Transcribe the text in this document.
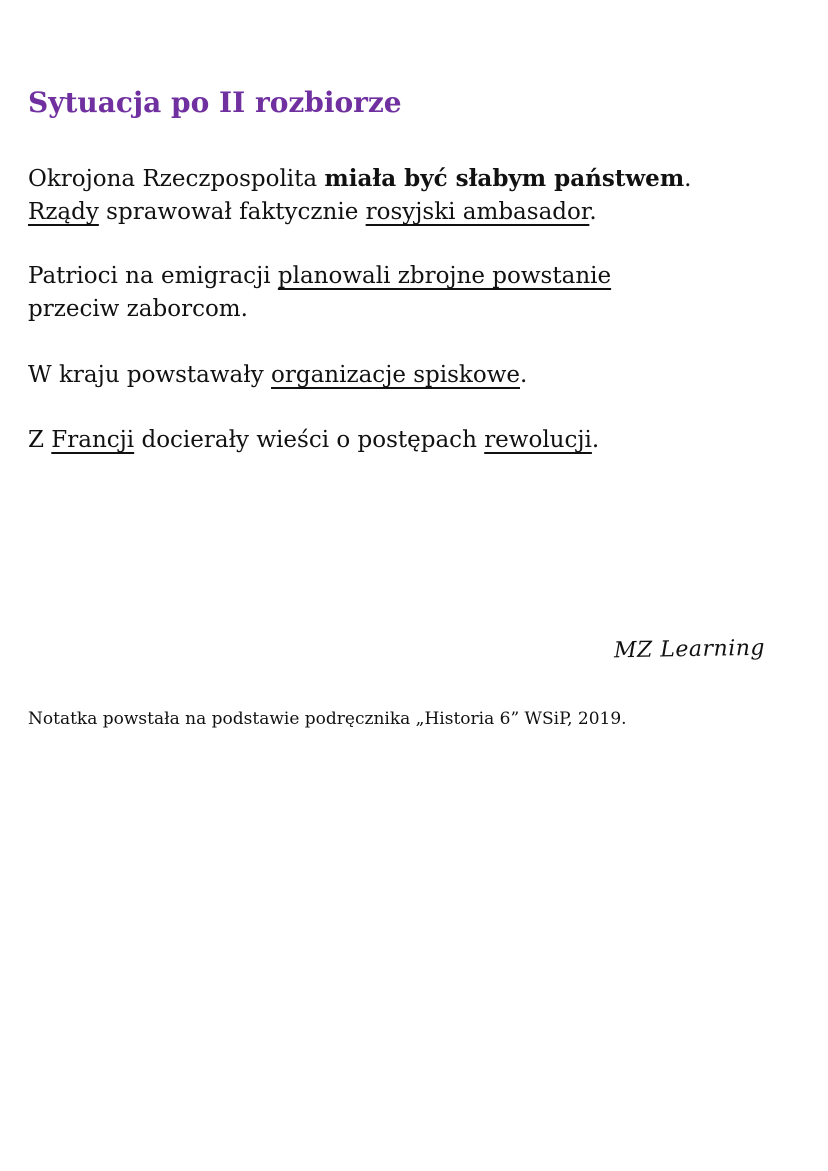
Sytuacja po II rozbiorze

Okrojona Rzeczpospolita miała być słabym państwem.
Rządy sprawował faktycznie rosyjski ambasador.

Patrioci na emigracji planowali zbrojne powstanie
przeciw zaborcom.

W kraju powstawały organizacje spiskowe.

Z Francji docierały wieści o postępach rewolucji.

MZ Learning

Notatka powstała na podstawie podręcznika „Historia 6” WSiP, 2019.
